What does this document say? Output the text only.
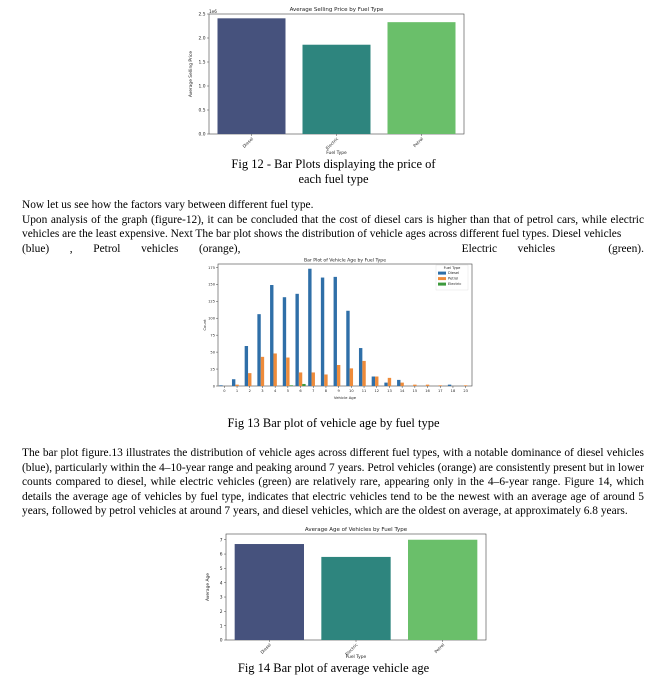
Average Selling Price by Fuel Type
0.0
0.5
1.0
1.5
2.0
2.5
1e6
Average Selling Price
Diesel	Electric	Petrol
Fuel Type
Fig 12 - Bar Plots displaying the price of
each fuel type

Now let us see how the factors vary between different fuel type.

Upon analysis of the graph (figure-12), it can be concluded that the cost of diesel cars is higher than that of petrol cars, while electric vehicles are the least expensive. Next The bar plot shows the distribution of vehicle ages across different fuel types. Diesel vehicles

(blue) , Petrol vehicles (orange),	Electric vehicles	(green).
Bar Plot of Vehicle Age by Fuel Type
0
25
50
75
100
125
150
175
Count
0	1	2	3	4	5	6	7	8	9	10 11 12 13 14 15 16 17 18 23
Vehicle Age
Fuel Type
Diesel
Petrol
Electric
Fig 13 Bar plot of vehicle age by fuel type

The bar plot figure.13 illustrates the distribution of vehicle ages across different fuel types, with a notable dominance of diesel vehicles (blue), particularly within the 4–10-year range and peaking around 7 years. Petrol vehicles (orange) are consistently present but in lower counts compared to diesel, while electric vehicles (green) are relatively rare, appearing only in the 4–6-year range. Figure 14, which details the average age of vehicles by fuel type, indicates that electric vehicles tend to be the newest with an average age of around 5 years, followed by petrol vehicles at around 7 years, and diesel vehicles, which are the oldest on average, at approximately 6.8 years.

Average Age of Vehicles by Fuel Type
0
1
2
3
4
5
6
7
Average Age
Diesel	Electric	Petrol
Fuel Type
Fig 14 Bar plot of average vehicle age
